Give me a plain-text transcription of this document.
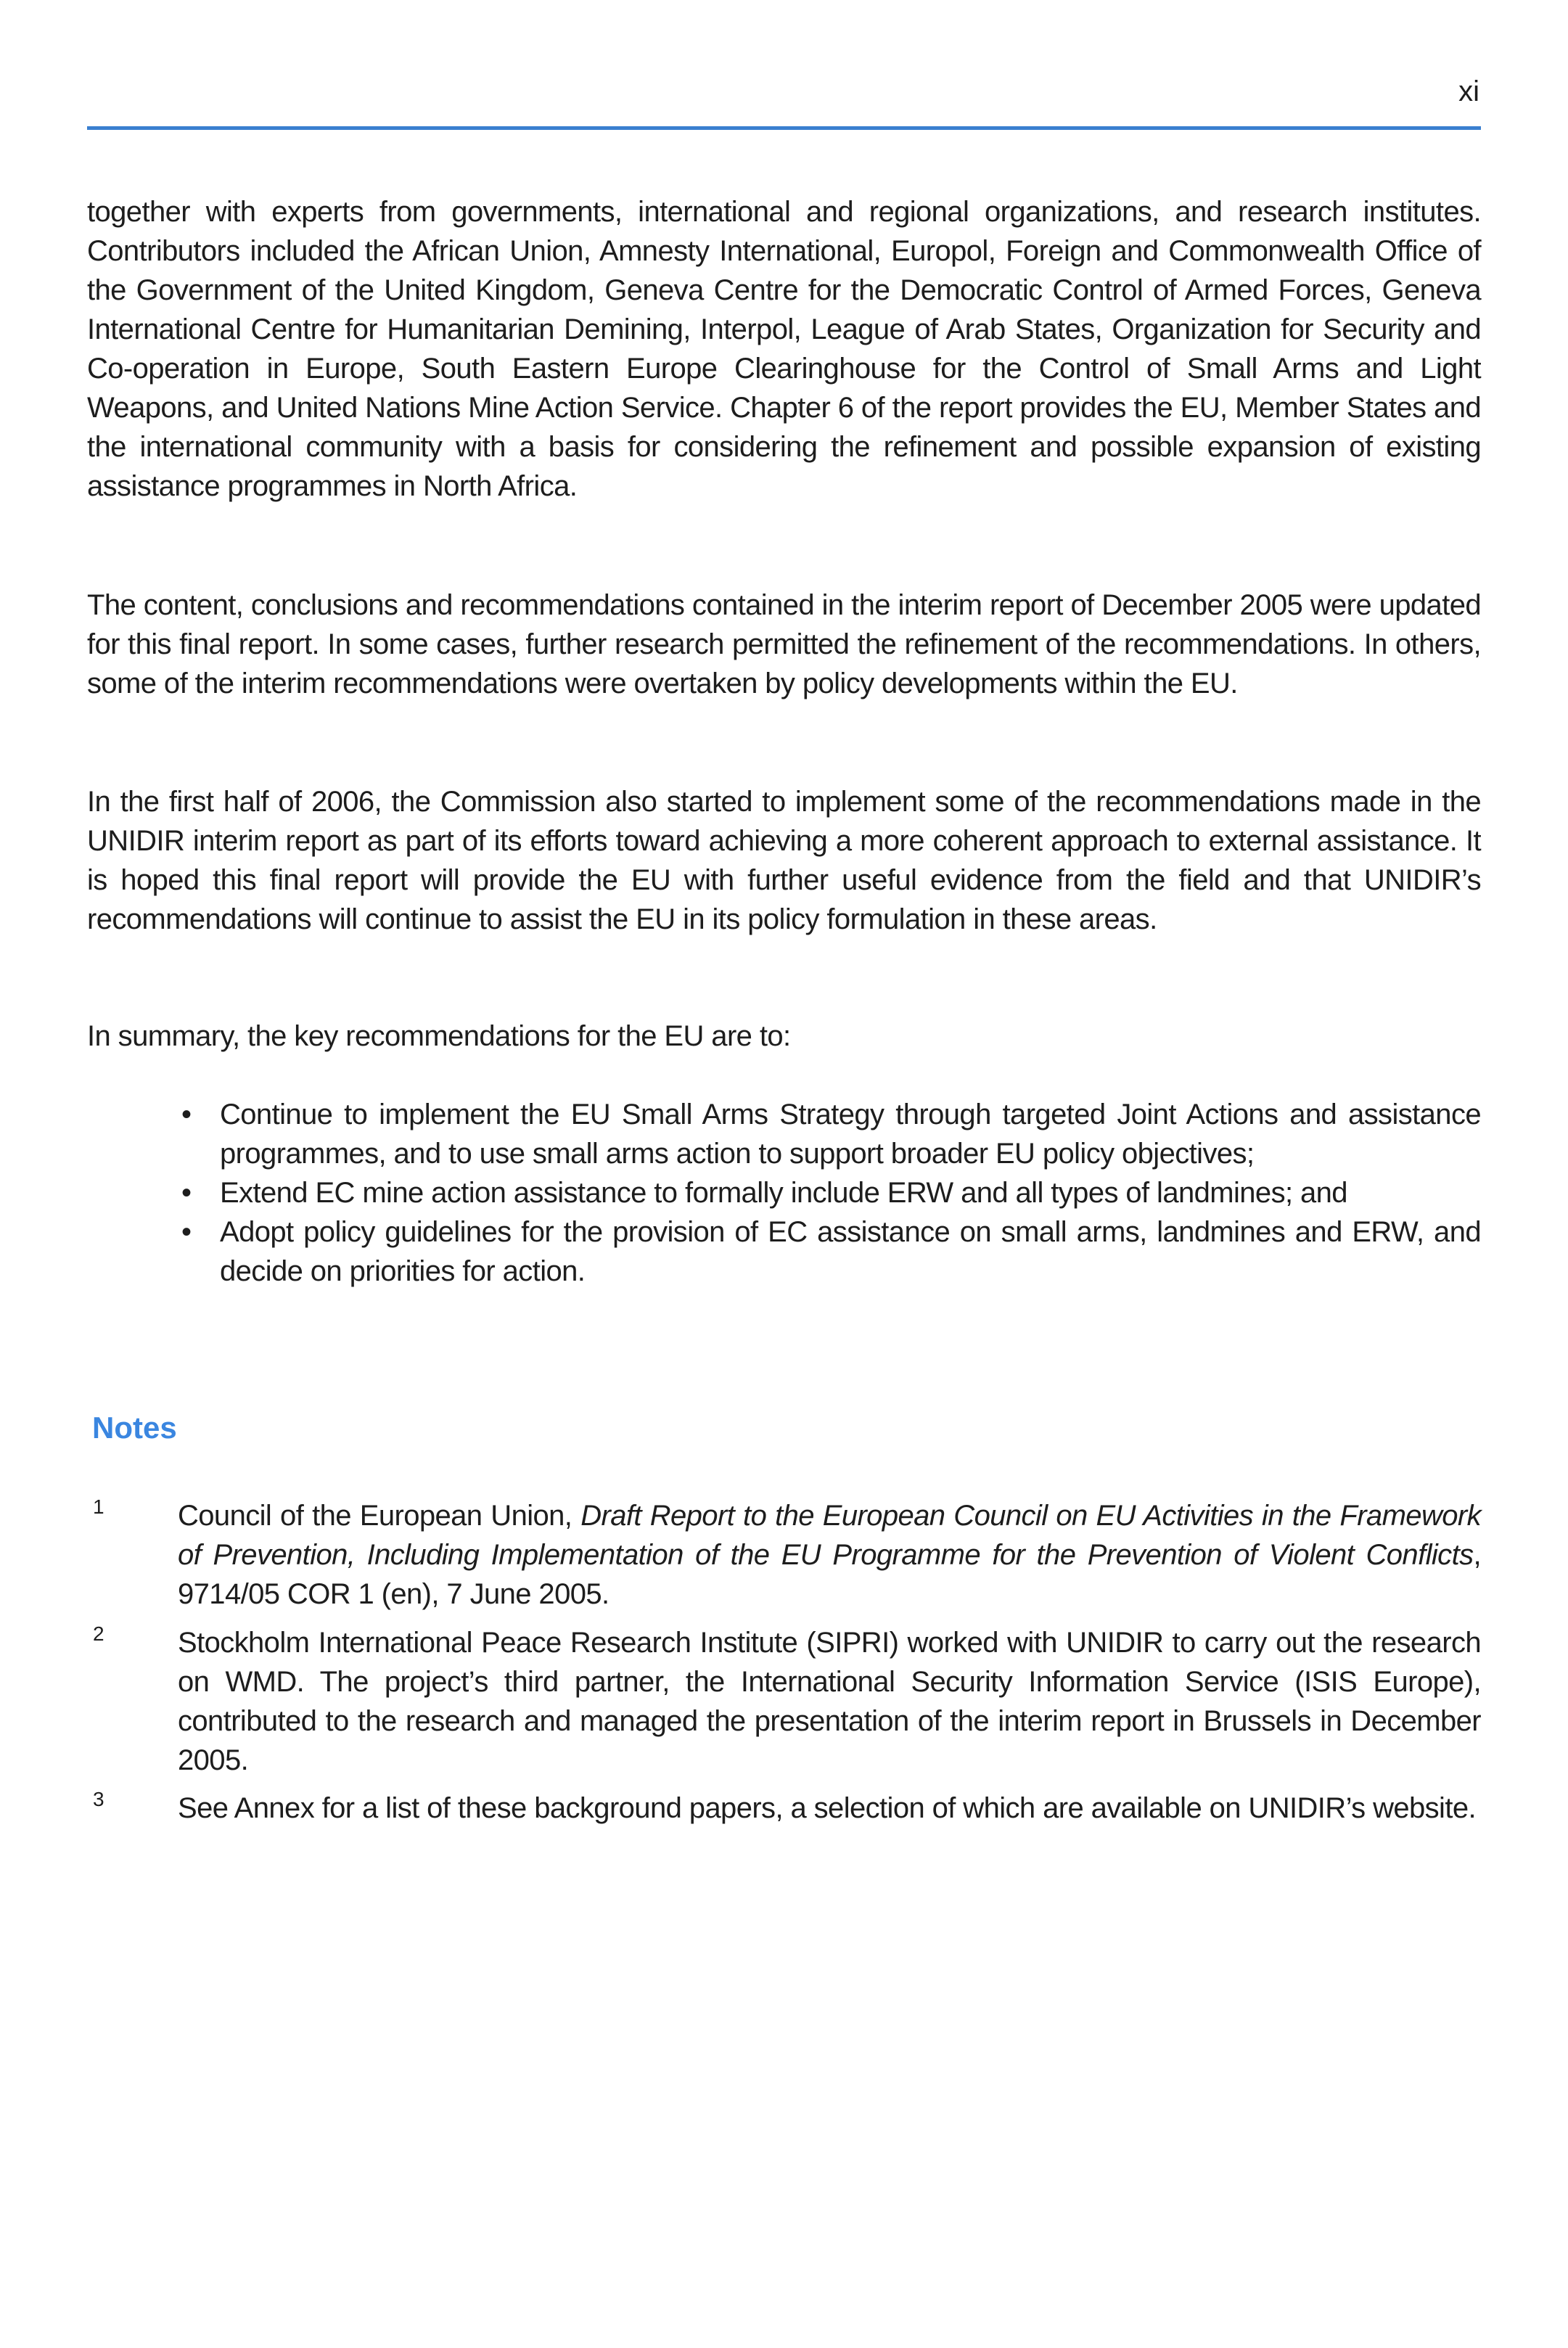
xi

together with experts from governments, international and regional organizations, and research institutes. Contributors included the African Union, Amnesty International, Europol, Foreign and Commonwealth Office of the Government of the United Kingdom, Geneva Centre for the Democratic Control of Armed Forces, Geneva International Centre for Humanitarian Demining, Interpol, League of Arab States, Organization for Security and Co-operation in Europe, South Eastern Europe Clearinghouse for the Control of Small Arms and Light Weapons, and United Nations Mine Action Service. Chapter 6 of the report provides the EU, Member States and the international community with a basis for considering the refinement and possible expansion of existing assistance programmes in North Africa.

The content, conclusions and recommendations contained in the interim report of December 2005 were updated for this final report. In some cases, further research permitted the refinement of the recommendations. In others, some of the interim recommendations were overtaken by policy developments within the EU.

In the first half of 2006, the Commission also started to implement some of the recommendations made in the UNIDIR interim report as part of its efforts toward achieving a more coherent approach to external assistance. It is hoped this final report will provide the EU with further useful evidence from the field and that UNIDIR’s recommendations will continue to assist the EU in its policy formulation in these areas.

In summary, the key recommendations for the EU are to:

• Continue to implement the EU Small Arms Strategy through targeted Joint Actions and assistance programmes, and to use small arms action to support broader EU policy objectives;
• Extend EC mine action assistance to formally include ERW and all types of landmines; and
• Adopt policy guidelines for the provision of EC assistance on small arms, landmines and ERW, and decide on priorities for action.
Notes
1	Council of the European Union, Draft Report to the European Council on EU Activities in the Framework of Prevention, Including Implementation of the EU Programme for the Prevention of Violent Conflicts, 9714/05 COR 1 (en), 7 June 2005.
2	Stockholm International Peace Research Institute (SIPRI) worked with UNIDIR to carry out the research on WMD. The project’s third partner, the International Security Information Service (ISIS Europe), contributed to the research and managed the presentation of the interim report in Brussels in December 2005.
3	See Annex for a list of these background papers, a selection of which are available on UNIDIR’s website.
